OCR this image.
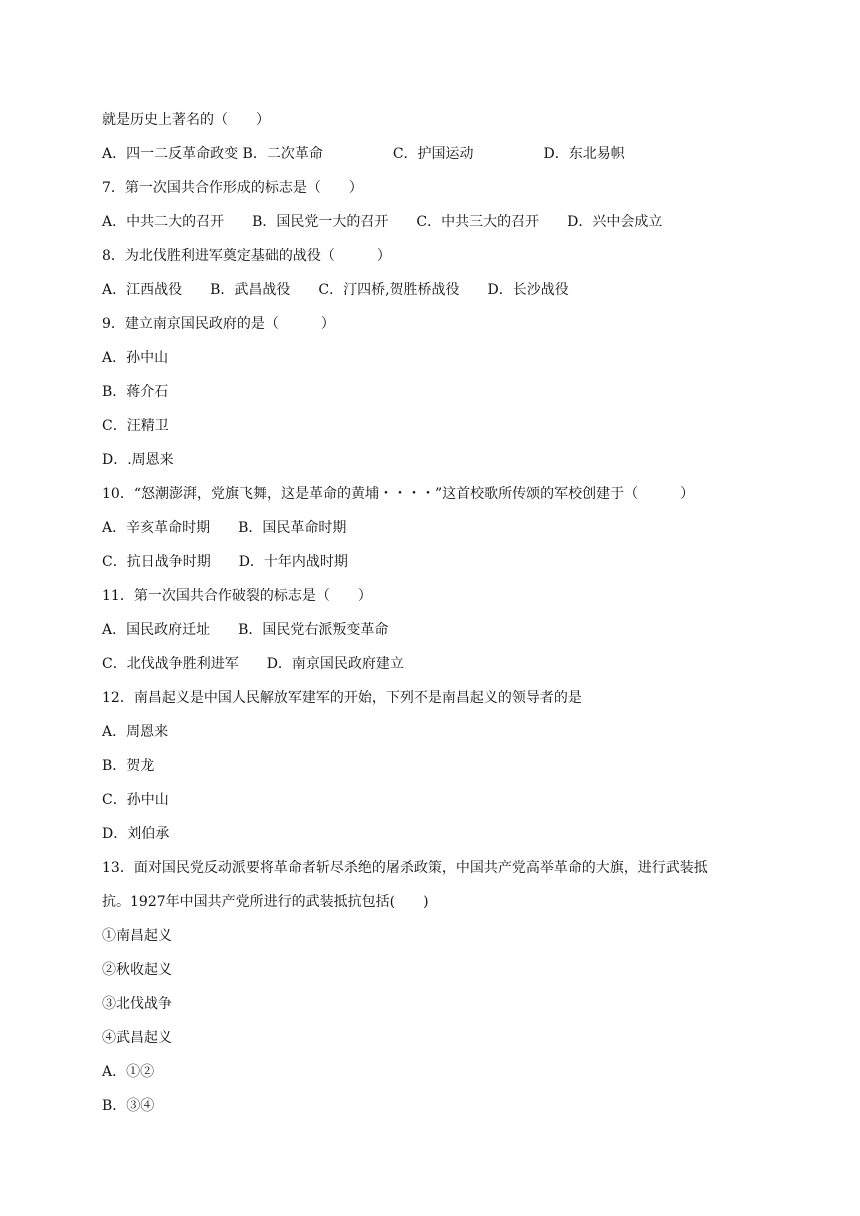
就是历史上著名的（　　）
A．四一二反革命政变 B．二次革命　　　　　C．护国运动　　　　　D．东北易帜
7．第一次国共合作形成的标志是（　　）
A．中共二大的召开　　B．国民党一大的召开　　C．中共三大的召开　　D．兴中会成立
8．为北伐胜利进军奠定基础的战役（　　　）
A．江西战役　　B．武昌战役　　C．汀四桥,贺胜桥战役　　D．长沙战役
9．建立南京国民政府的是（　　　）
A．孙中山
B．蒋介石
C．汪精卫
D．.周恩来
10．“怒潮澎湃，党旗飞舞，这是革命的黄埔・・・・”这首校歌所传颂的军校创建于（　　　）
A．辛亥革命时期　　B．国民革命时期
C．抗日战争时期　　D．十年内战时期
11．第一次国共合作破裂的标志是（　　）
A．国民政府迁址　　B．国民党右派叛变革命
C．北伐战争胜利进军　　D．南京国民政府建立
12．南昌起义是中国人民解放军建军的开始，下列不是南昌起义的领导者的是
A．周恩来
B．贺龙
C．孙中山
D．刘伯承
13．面对国民党反动派要将革命者斩尽杀绝的屠杀政策，中国共产党高举革命的大旗，进行武装抵
抗。1927年中国共产党所进行的武装抵抗包括(　　)
①南昌起义
②秋收起义
③北伐战争
④武昌起义
A．①②
B．③④
